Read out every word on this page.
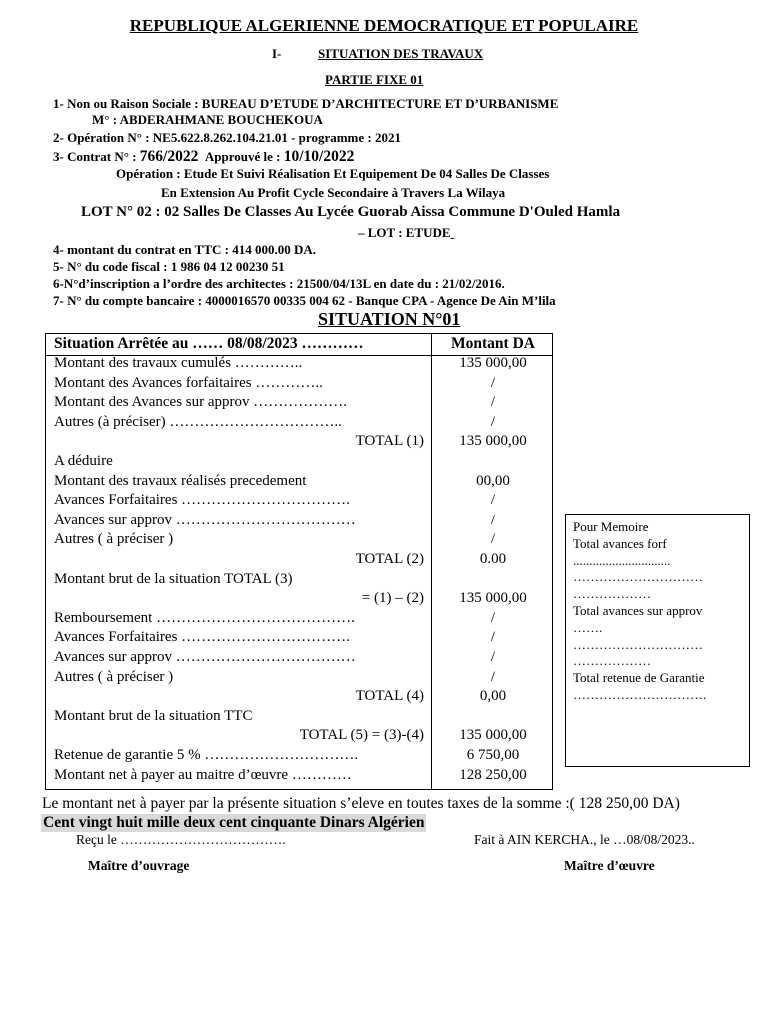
REPUBLIQUE ALGERIENNE DEMOCRATIQUE ET POPULAIRE
I-	SITUATION DES TRAVAUX
PARTIE FIXE 01
1- Non ou Raison Sociale : BUREAU D’ETUDE D’ARCHITECTURE ET D’URBANISME
M° : ABDERAHMANE BOUCHEKOUA
2- Opération N° : NE5.622.8.262.104.21.01 - programme : 2021
3- Contrat N° : 766/2022 Approuvé le : 10/10/2022
Opération : Etude Et Suivi Réalisation Et Equipement De 04 Salles De Classes
En Extension Au Profit Cycle Secondaire à Travers La Wilaya
LOT N° 02 : 02 Salles De Classes Au Lycée Guorab Aissa Commune D'Ouled Hamla
– LOT : ETUDE
4- montant du contrat en TTC : 414 000.00 DA.
5- N° du code fiscal : 1 986 04 12 00230 51
6-N°d’inscription a l’ordre des architectes : 21500/04/13L en date du : 21/02/2016.
7- N° du compte bancaire : 4000016570 00335 004 62 - Banque CPA - Agence De Ain M’lila
SITUATION N°01
Situation Arrêtée au …… 08/08/2023 …………	Montant DA
Montant des travaux cumulés …………..	135 000,00
Montant des Avances forfaitaires …………..	/
Montant des Avances sur approv ……………….	/
Autres (à préciser) ……………………………..	/
TOTAL (1)	135 000,00
A déduire
Montant des travaux réalisés precedement	00,00
Avances Forfaitaires …………………………….	/
Avances sur approv ………………………………	/
Autres ( à préciser )	/
TOTAL (2)	0.00
Montant brut de la situation TOTAL (3)
= (1) – (2)	135 000,00
Remboursement ………………………………….	/
Avances Forfaitaires …………………………….	/
Avances sur approv ………………………………	/
Autres ( à préciser )	/
TOTAL (4)	0,00
Montant brut de la situation TTC
TOTAL (5) = (3)-(4)	135 000,00
Retenue de garantie 5 % ………………………….	6 750,00
Montant net à payer au maitre d’œuvre …………	128 250,00
Pour Memoire
Total avances forf
..............................
…………………………
………………
Total avances sur approv
…….
…………………………
………………
Total retenue de Garantie
………………………….
Le montant net à payer par la présente situation s’eleve en toutes taxes de la somme :( 128 250,00 DA)
Cent vingt huit mille deux cent cinquante Dinars Algérien
Reçu le ……………………………….	Fait à AIN KERCHA., le …08/08/2023..
Maître d’ouvrage	Maître d’œuvre
